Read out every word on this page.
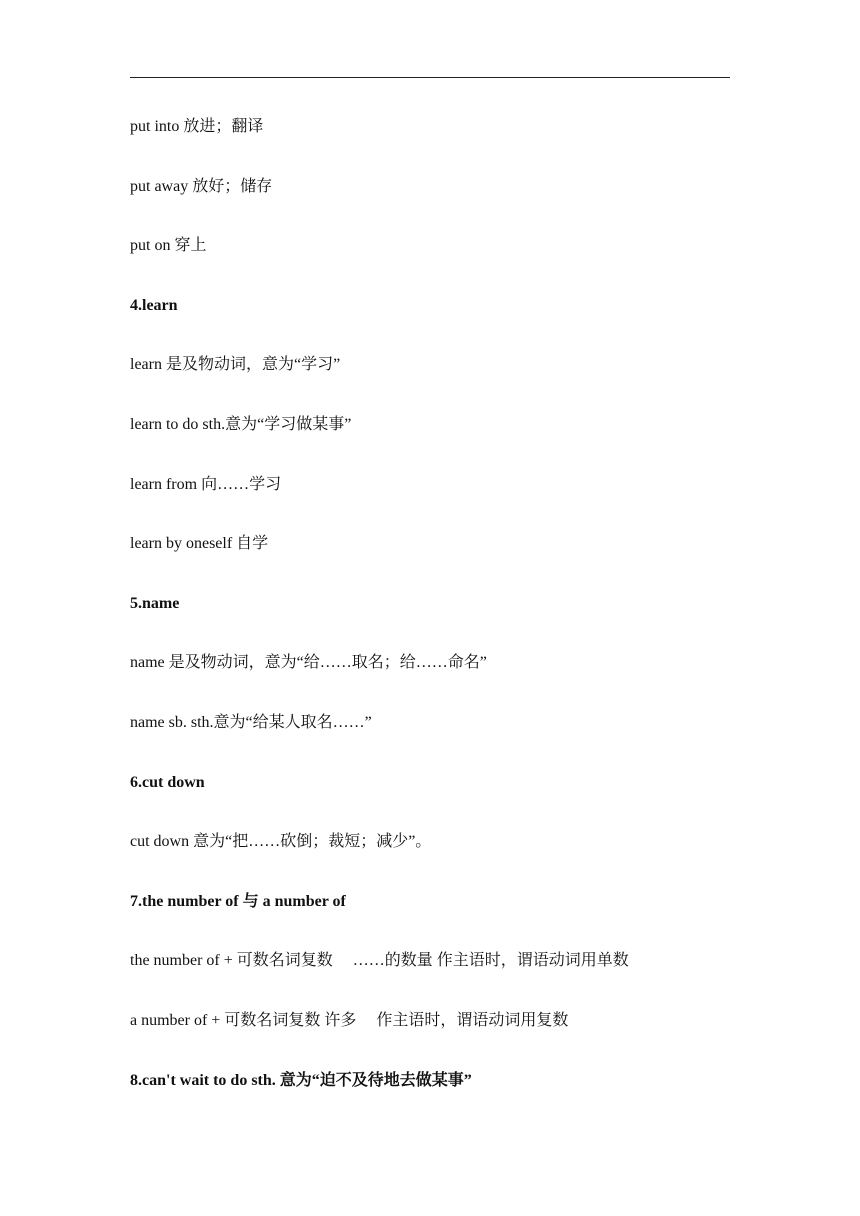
put into 放进；翻译
put away 放好；储存
put on 穿上
4.learn
learn 是及物动词，意为“学习”
learn to do sth.意为“学习做某事”
learn from 向……学习
learn by oneself 自学
5.name
name 是及物动词，意为“给……取名；给……命名”
name sb. sth.意为“给某人取名……”
6.cut down
cut down 意为“把……砍倒；裁短；减少”。
7.the number of 与 a number of
the number of + 可数名词复数　 ……的数量 作主语时，谓语动词用单数
a number of + 可数名词复数 许多　 作主语时，谓语动词用复数
8.can't wait to do sth. 意为“迫不及待地去做某事”
